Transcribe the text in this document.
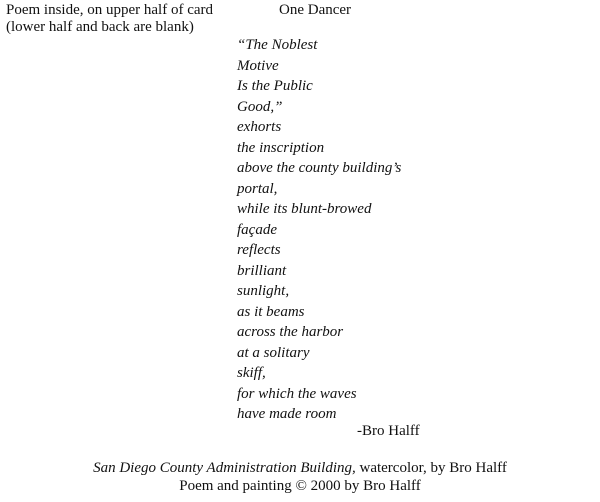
Poem inside, on upper half of card
(lower half and back are blank)
One Dancer
“The Noblest
Motive
Is the Public
Good,”
exhorts
the inscription
above the county building’s
portal,
while its blunt-browed
façade
reflects
brilliant
sunlight,
as it beams
across the harbor
at a solitary
skiff,
for which the waves
have made room
-Bro Halff
San Diego County Administration Building, watercolor, by Bro Halff
Poem and painting © 2000 by Bro Halff
